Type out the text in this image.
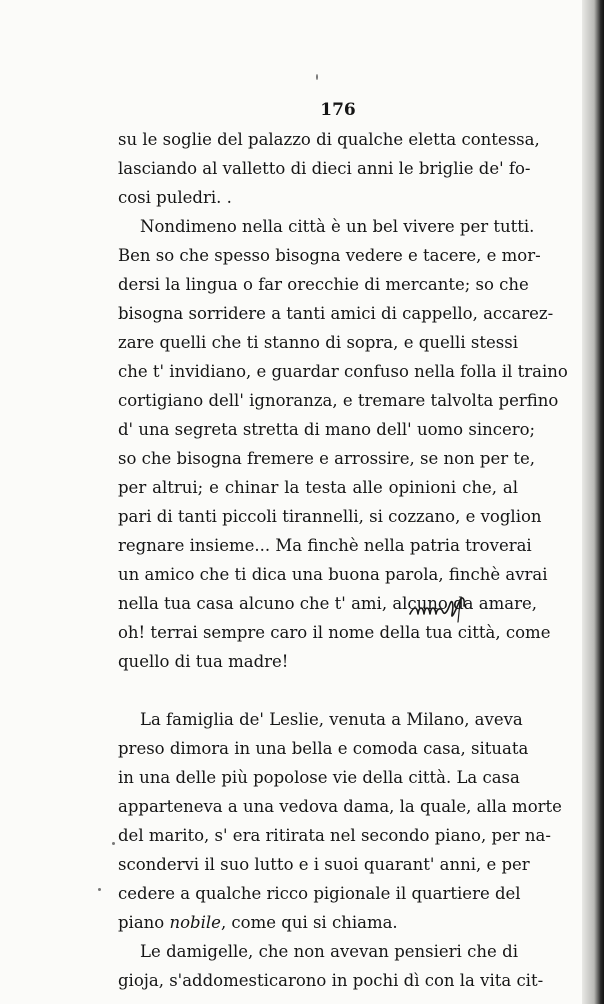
176
su le soglie del palazzo di qualche eletta contessa,
lasciando al valletto di dieci anni le briglie de' fo-
cosi puledri. .
Nondimeno nella città è un bel vivere per tutti.
Ben so che spesso bisogna vedere e tacere, e mor-
dersi la lingua o far orecchie di mercante; so che
bisogna sorridere a tanti amici di cappello, accarez-
zare quelli che ti stanno di sopra, e quelli stessi
che t' invidiano, e guardar confuso nella folla il traino
cortigiano dell' ignoranza, e tremare talvolta perfino
d' una segreta stretta di mano dell' uomo sincero;
so che bisogna fremere e arrossire, se non per te,
per altrui; e chinar la testa alle opinioni che, al
pari di tanti piccoli tirannelli, si cozzano, e voglion
regnare insieme... Ma finchè nella patria troverai
un amico che ti dica una buona parola, finchè avrai
nella tua casa alcuno che t' ami, alcuno da amare,
oh! terrai sempre caro il nome della tua città, come
quello di tua madre!
La famiglia de' Leslie, venuta a Milano, aveva
preso dimora in una bella e comoda casa, situata
in una delle più popolose vie della città. La casa
apparteneva a una vedova dama, la quale, alla morte
del marito, s' era ritirata nel secondo piano, per na-
scondervi il suo lutto e i suoi quarant' anni, e per
cedere a qualche ricco pigionale il quartiere del
piano nobile, come qui si chiama.
Le damigelle, che non avevan pensieri che di
gioja, s'addomesticarono in pochi dì con la vita cit-
